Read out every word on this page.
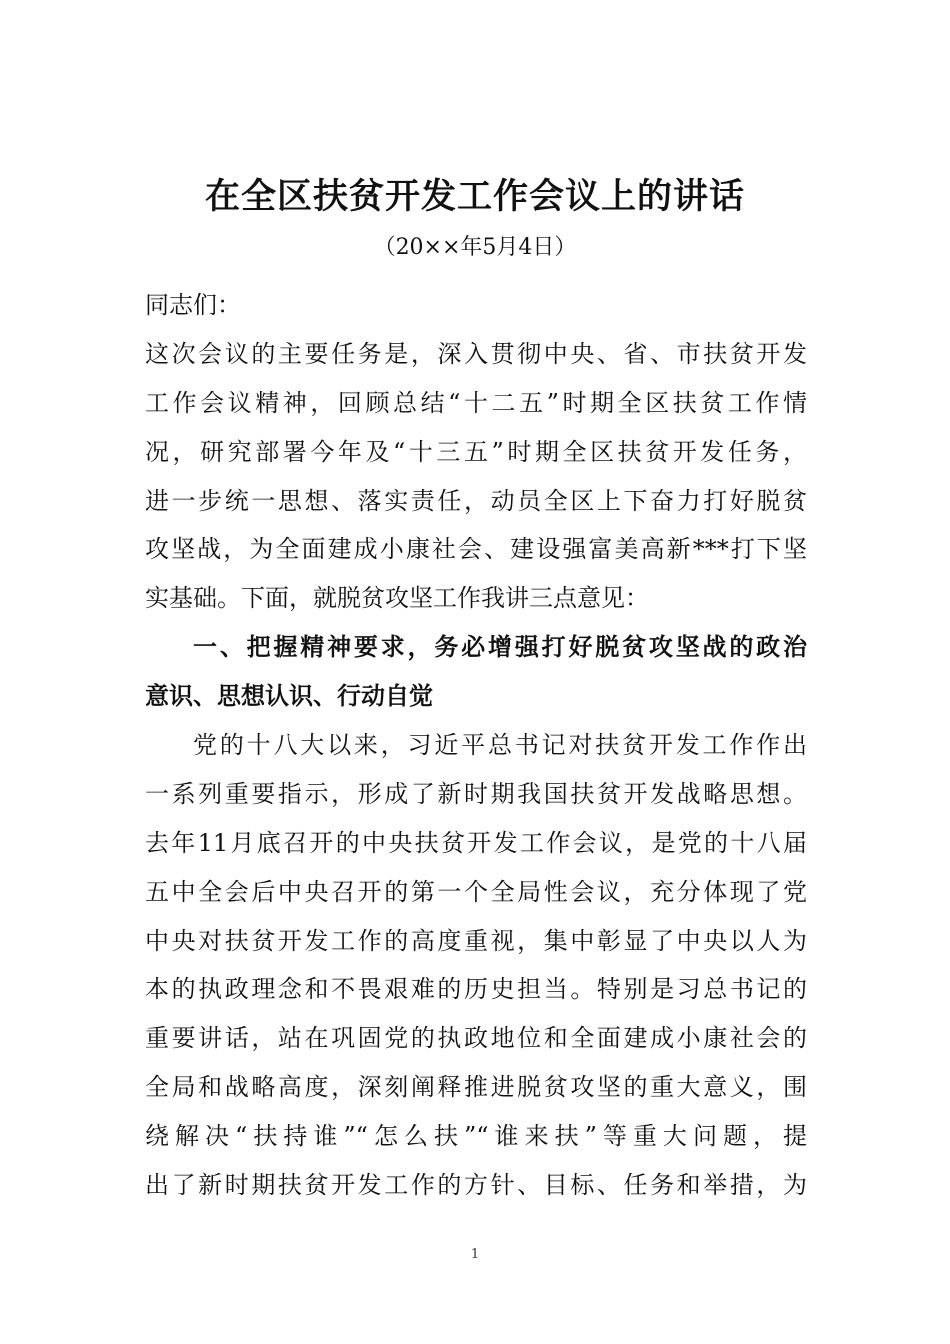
在全区扶贫开发工作会议上的讲话
（20××年5月4日）
同志们：
这次会议的主要任务是，深入贯彻中央、省、市扶贫开发
工作会议精神，回顾总结“十二五”时期全区扶贫工作情
况，研究部署今年及“十三五”时期全区扶贫开发任务，
进一步统一思想、落实责任，动员全区上下奋力打好脱贫
攻坚战，为全面建成小康社会、建设强富美高新***打下坚
实基础。下面，就脱贫攻坚工作我讲三点意见：
一、把握精神要求，务必增强打好脱贫攻坚战的政治
意识、思想认识、行动自觉
党的十八大以来，习近平总书记对扶贫开发工作作出
一系列重要指示，形成了新时期我国扶贫开发战略思想。
去年11月底召开的中央扶贫开发工作会议，是党的十八届
五中全会后中央召开的第一个全局性会议，充分体现了党
中央对扶贫开发工作的高度重视，集中彰显了中央以人为
本的执政理念和不畏艰难的历史担当。特别是习总书记的
重要讲话，站在巩固党的执政地位和全面建成小康社会的
全局和战略高度，深刻阐释推进脱贫攻坚的重大意义，围
绕解决“扶持谁”“怎么扶”“谁来扶”等重大问题，提
出了新时期扶贫开发工作的方针、目标、任务和举措，为
1
